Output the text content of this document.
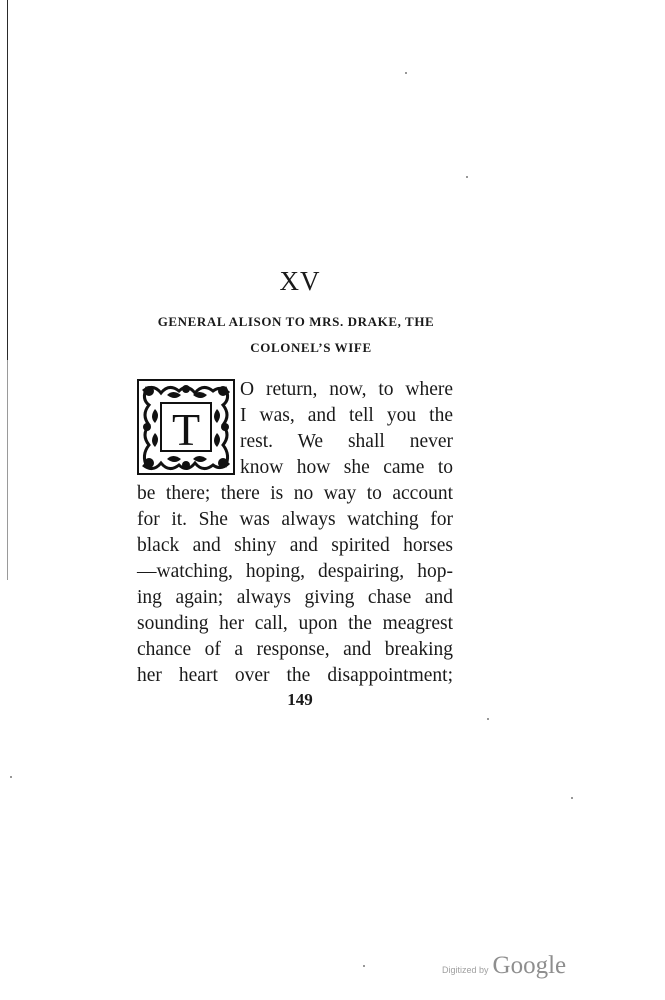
XV
GENERAL ALISON TO MRS. DRAKE, THE
COLONEL’S WIFE
T
O return, now, to where
I was, and tell you the
rest. We shall never
know how she came to
be there; there is no way to account
for it. She was always watching for
black and shiny and spirited horses
—watching, hoping, despairing, hop-
ing again; always giving chase and
sounding her call, upon the meagrest
chance of a response, and breaking
her heart over the disappointment;
149
Digitized by Google
